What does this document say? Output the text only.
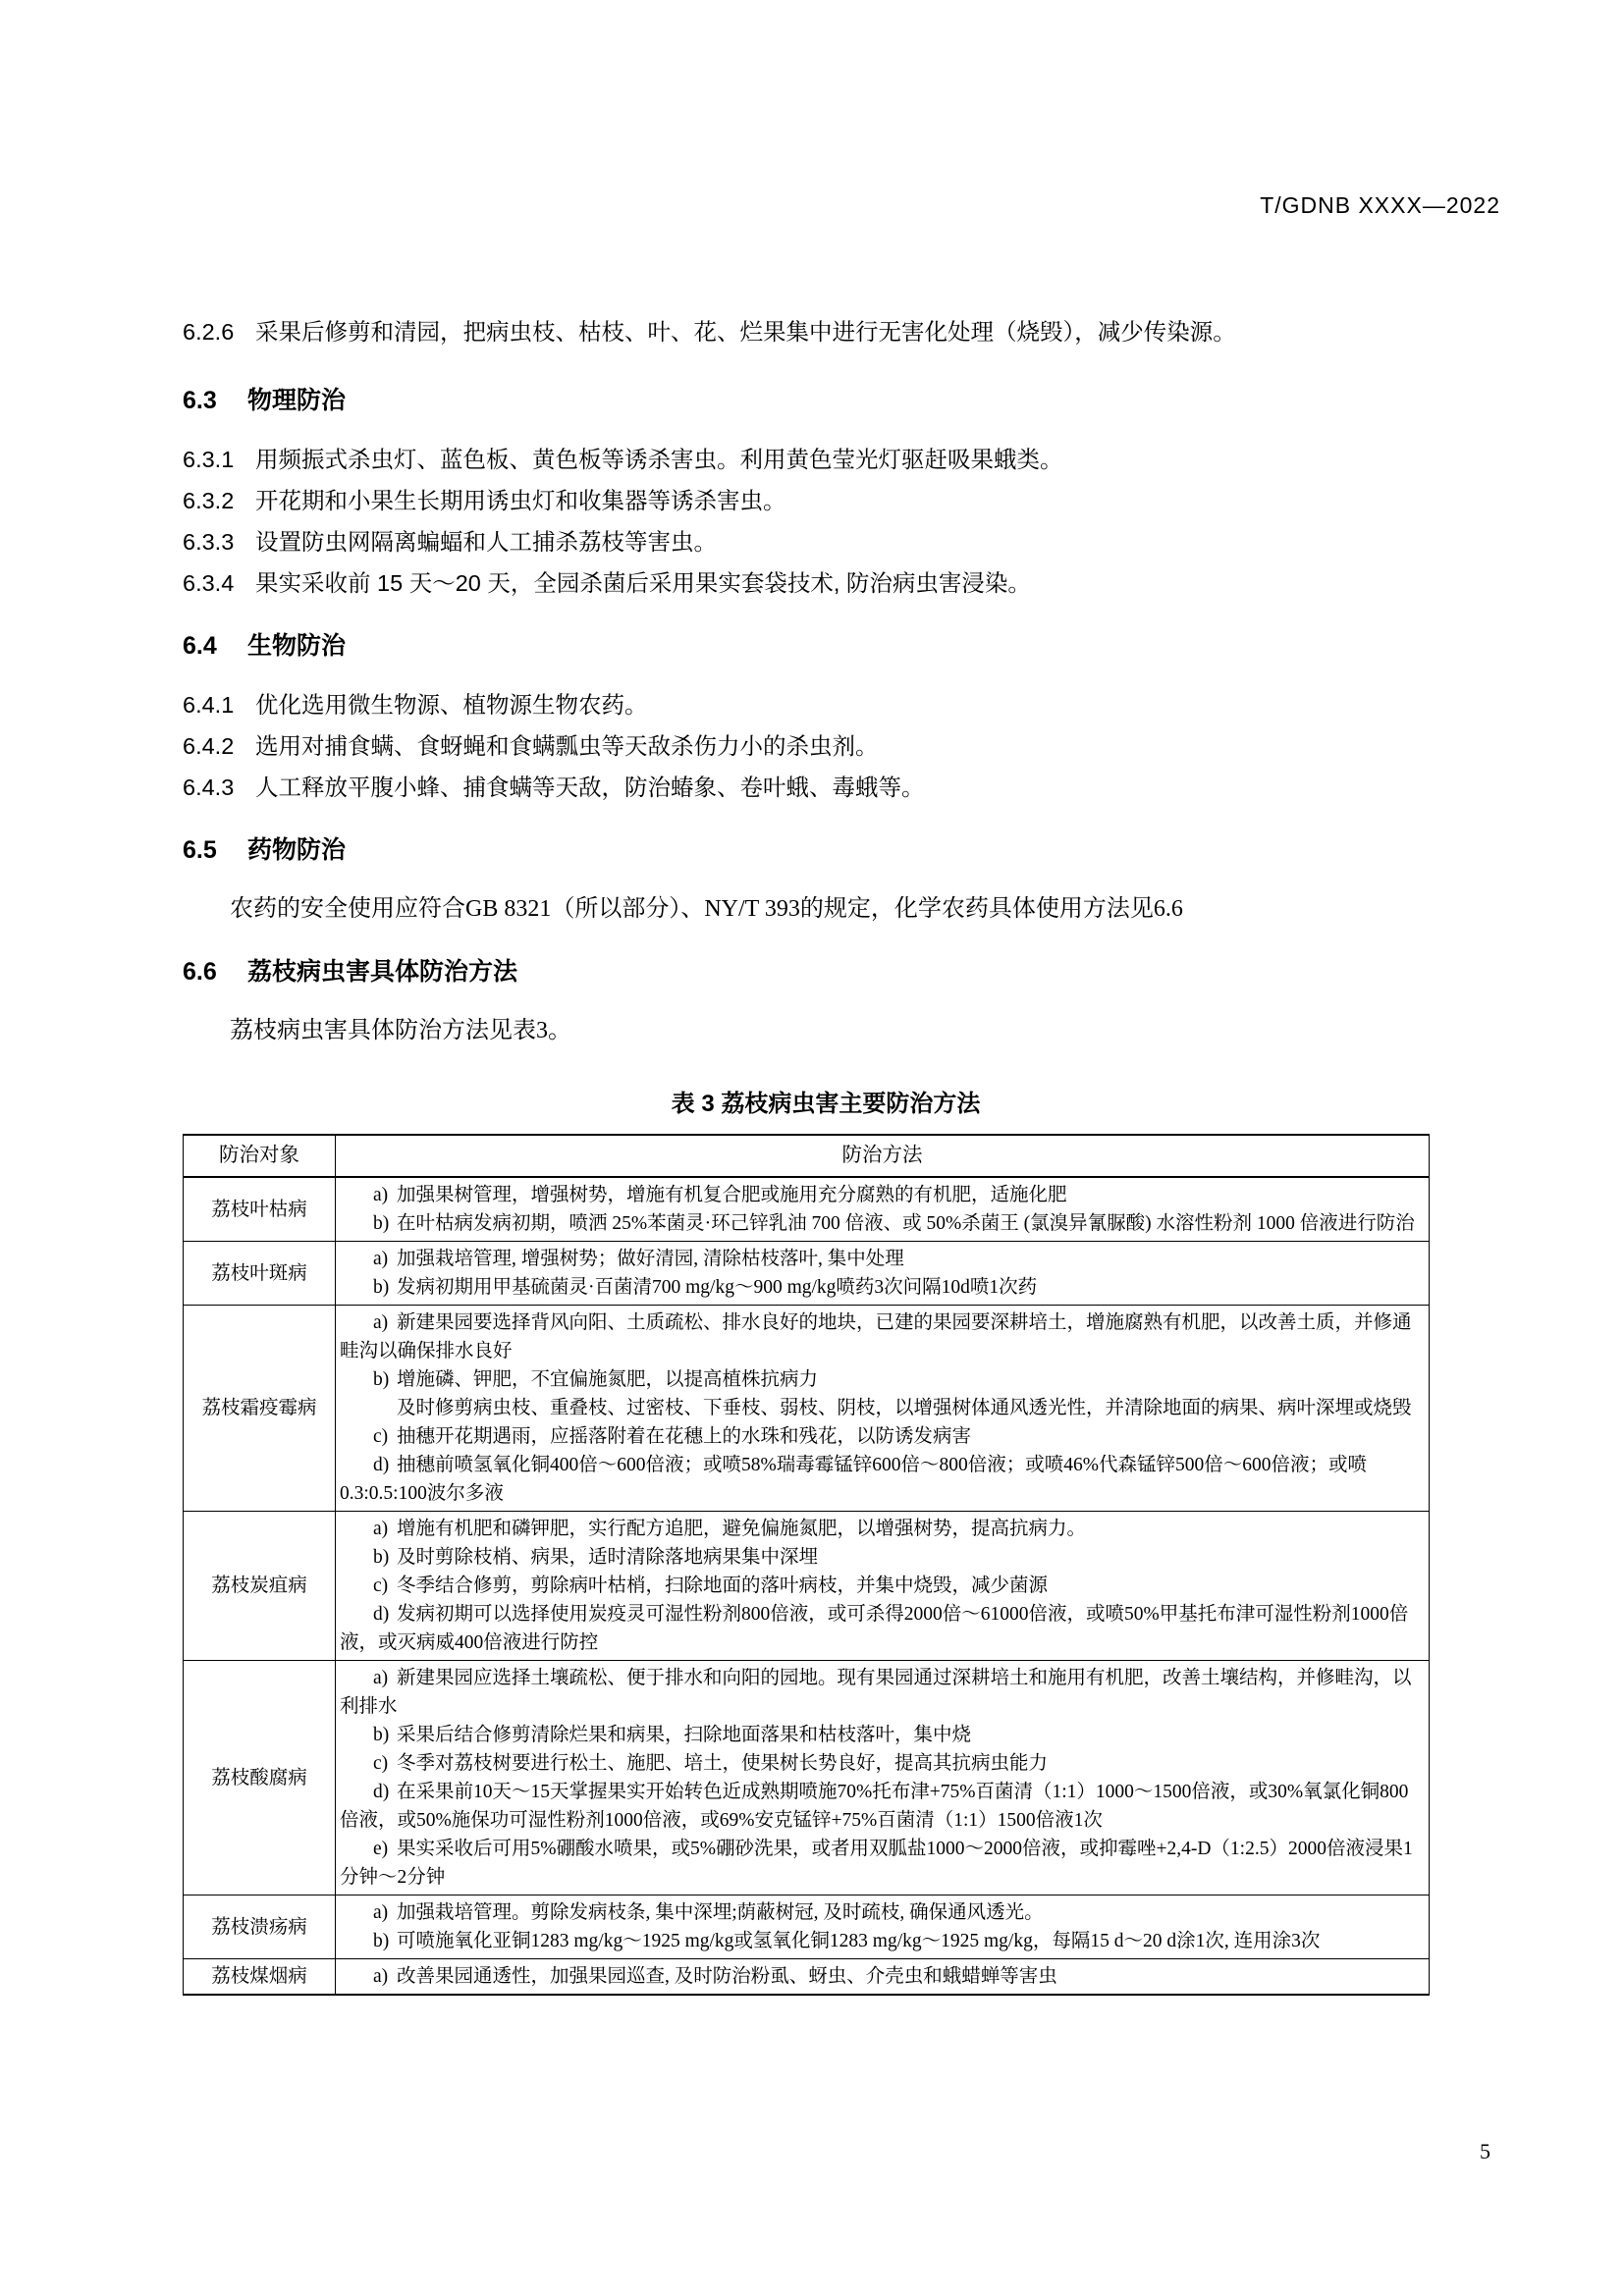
T/GDNB XXXX—2022

6.2.6 采果后修剪和清园，把病虫枝、枯枝、叶、花、烂果集中进行无害化处理（烧毁），减少传染源。

6.3 物理防治

6.3.1 用频振式杀虫灯、蓝色板、黄色板等诱杀害虫。利用黄色莹光灯驱赶吸果蛾类。

6.3.2 开花期和小果生长期用诱虫灯和收集器等诱杀害虫。

6.3.3 设置防虫网隔离蝙蝠和人工捕杀荔枝等害虫。

6.3.4 果实采收前 15 天～20 天，全园杀菌后采用果实套袋技术, 防治病虫害浸染。

6.4 生物防治

6.4.1 优化选用微生物源、植物源生物农药。

6.4.2 选用对捕食螨、食蚜蝇和食螨瓢虫等天敌杀伤力小的杀虫剂。

6.4.3 人工释放平腹小蜂、捕食螨等天敌，防治蝽象、卷叶蛾、毒蛾等。

6.5 药物防治

农药的安全使用应符合GB 8321（所以部分）、NY/T 393的规定，化学农药具体使用方法见6.6

6.6 荔枝病虫害具体防治方法

荔枝病虫害具体防治方法见表3。

表 3 荔枝病虫害主要防治方法
防治对象	防治方法
荔枝叶枯病	a) 加强果树管理，增强树势，增施有机复合肥或施用充分腐熟的有机肥，适施化肥
b) 在叶枯病发病初期，喷洒 25%苯菌灵·环己锌乳油 700 倍液、或 50%杀菌王 (氯溴异氰脲酸) 水溶性粉剂 1000 倍液进行防治

荔枝叶斑病	a) 加强栽培管理, 增强树势；做好清园, 清除枯枝落叶, 集中处理
b) 发病初期用甲基硫菌灵·百菌清700 mg/kg～900 mg/kg喷药3次问隔10d喷1次药

荔枝霜疫霉病	a) 新建果园要选择背风向阳、土质疏松、排水良好的地块，已建的果园要深耕培土，增施腐熟有机肥，以改善土质，并修通畦沟以确保排水良好
b) 增施磷、钾肥，不宜偏施氮肥，以提高植株抗病力
及时修剪病虫枝、重叠枝、过密枝、下垂枝、弱枝、阴枝，以增强树体通风透光性，并清除地面的病果、病叶深埋或烧毁
c) 抽穗开花期遇雨，应摇落附着在花穗上的水珠和残花，以防诱发病害
d) 抽穗前喷氢氧化铜400倍～600倍液；或喷58%瑞毒霉锰锌600倍～800倍液；或喷46%代森锰锌500倍～600倍液；或喷0.3:0.5:100波尔多液

荔枝炭疽病	a) 增施有机肥和磷钾肥，实行配方追肥，避免偏施氮肥，以增强树势，提高抗病力。
b) 及时剪除枝梢、病果，适时清除落地病果集中深埋
c) 冬季结合修剪，剪除病叶枯梢，扫除地面的落叶病枝，并集中烧毁，减少菌源
d) 发病初期可以选择使用炭疫灵可湿性粉剂800倍液，或可杀得2000倍～61000倍液，或喷50%甲基托布津可湿性粉剂1000倍液，或灭病威400倍液进行防控

荔枝酸腐病	a) 新建果园应选择土壤疏松、便于排水和向阳的园地。现有果园通过深耕培土和施用有机肥，改善土壤结构，并修畦沟，以利排水
b) 采果后结合修剪清除烂果和病果，扫除地面落果和枯枝落叶，集中烧
c) 冬季对荔枝树要进行松土、施肥、培土，使果树长势良好，提高其抗病虫能力
d) 在采果前10天～15天掌握果实开始转色近成熟期喷施70%托布津+75%百菌清（1:1）1000～1500倍液，或30%氧氯化铜800倍液，或50%施保功可湿性粉剂1000倍液，或69%安克锰锌+75%百菌清（1:1）1500倍液1次
e) 果实采收后可用5%硼酸水喷果，或5%硼砂洗果，或者用双胍盐1000～2000倍液，或抑霉唑+2,4-D（1:2.5）2000倍液浸果1分钟～2分钟

荔枝溃疡病	a) 加强栽培管理。剪除发病枝条, 集中深埋;荫蔽树冠, 及时疏枝, 确保通风透光。
b) 可喷施氧化亚铜1283 mg/kg～1925 mg/kg或氢氧化铜1283 mg/kg～1925 mg/kg，每隔15 d～20 d涂1次, 连用涂3次

荔枝煤烟病	a) 改善果园通透性，加强果园巡查, 及时防治粉虱、蚜虫、介壳虫和蛾蜡蝉等害虫
5
